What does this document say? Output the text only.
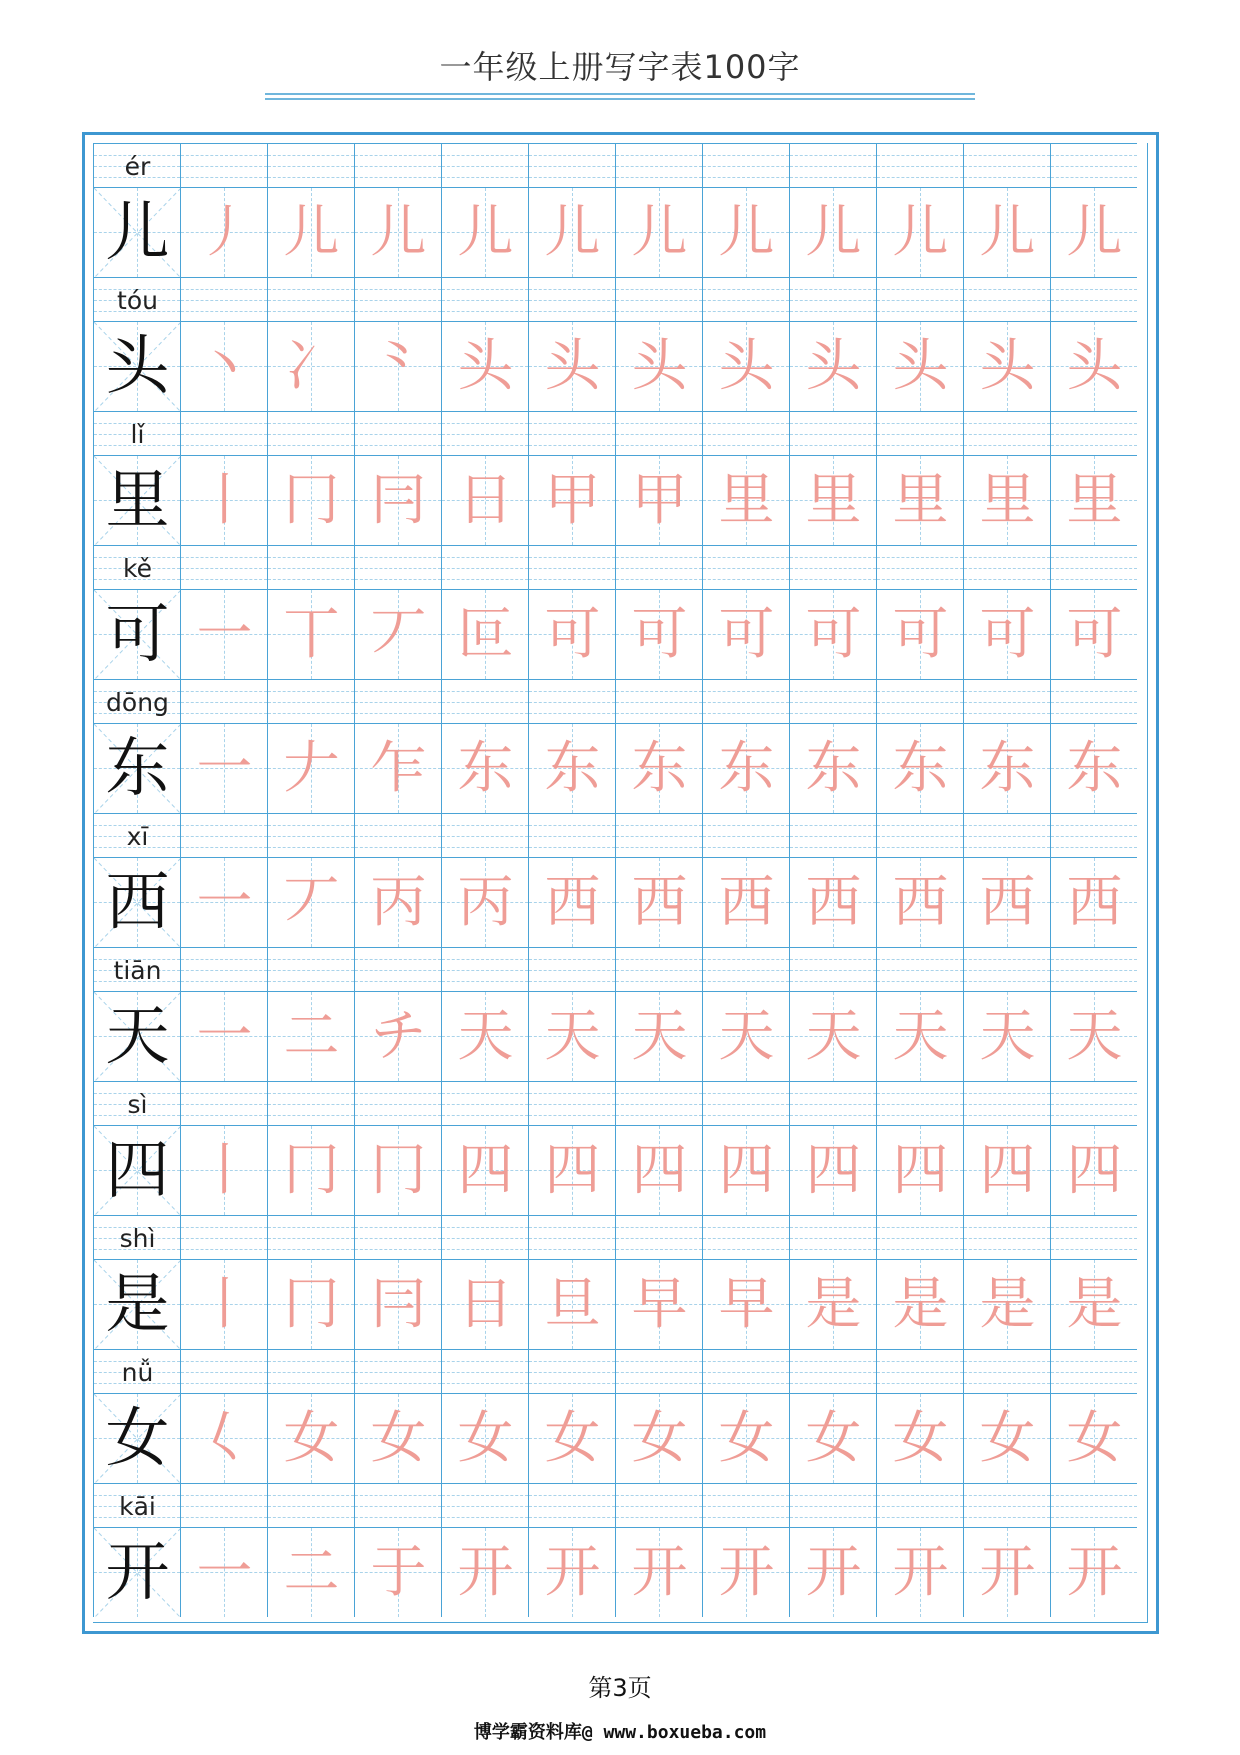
一年级上册写字表100字
ér
儿 丿 儿 儿 儿 儿 儿 儿 儿 儿 儿 儿
tóu
头 丶 冫 ⺀ 头 头 头 头 头 头 头 头
lǐ
里 丨 冂 冃 日 甲 甲 里 里 里 里 里
kě
可 一 丅 丆 叵 可 可 可 可 可 可 可
dōng
东 一 𠂇 乍 东 东 东 东 东 东 东 东
xī
西 一 丆 丙 丙 西 西 西 西 西 西 西
tiān
天 一 二 チ 天 天 天 天 天 天 天 天
sì
四 丨 冂 冂 四 四 四 四 四 四 四 四
shì
是 丨 冂 冃 日 旦 早 早 是 是 是 是
nǚ
女 𡿨 女 女 女 女 女 女 女 女 女 女
kāi
开 一 二 于 开 开 开 开 开 开 开 开
第3页
博学霸资料库@ www.boxueba.com
